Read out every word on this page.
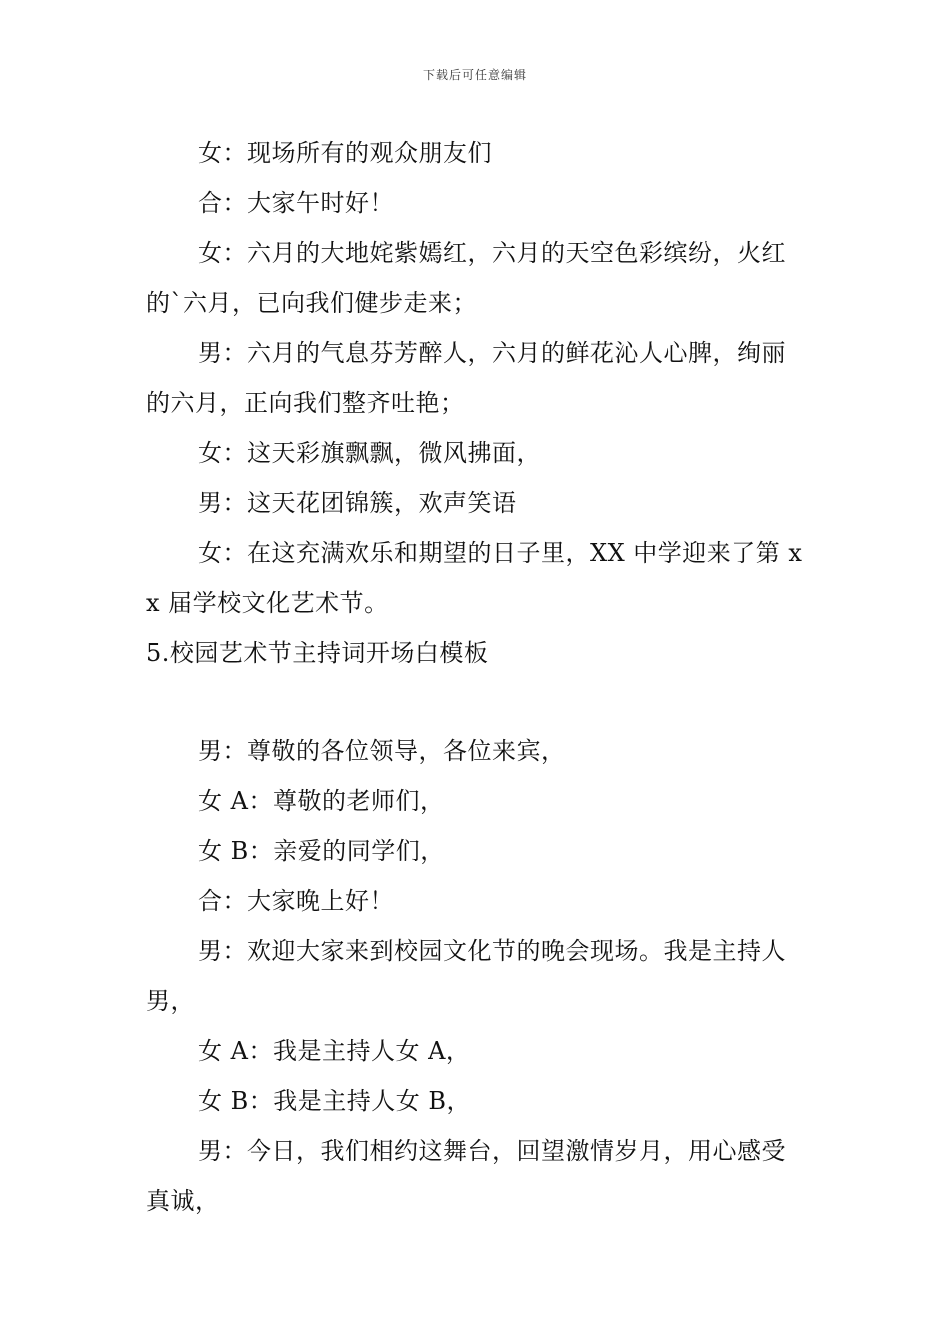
下载后可任意编辑

女：现场所有的观众朋友们

合：大家午时好！

女：六月的大地姹紫嫣红，六月的天空色彩缤纷，火红的`六月，已向我们健步走来；

男：六月的气息芬芳醉人，六月的鲜花沁人心脾，绚丽的六月，正向我们整齐吐艳；

女：这天彩旗飘飘，微风拂面，

男：这天花团锦簇，欢声笑语

女：在这充满欢乐和期望的日子里，XX 中学迎来了第 xx 届学校文化艺术节。

5.校园艺术节主持词开场白模板

男：尊敬的各位领导，各位来宾，

女 A：尊敬的老师们，

女 B：亲爱的同学们，

合：大家晚上好！

男：欢迎大家来到校园文化节的晚会现场。我是主持人男，

女 A：我是主持人女 A，

女 B：我是主持人女 B，

男：今日，我们相约这舞台，回望激情岁月，用心感受真诚，
